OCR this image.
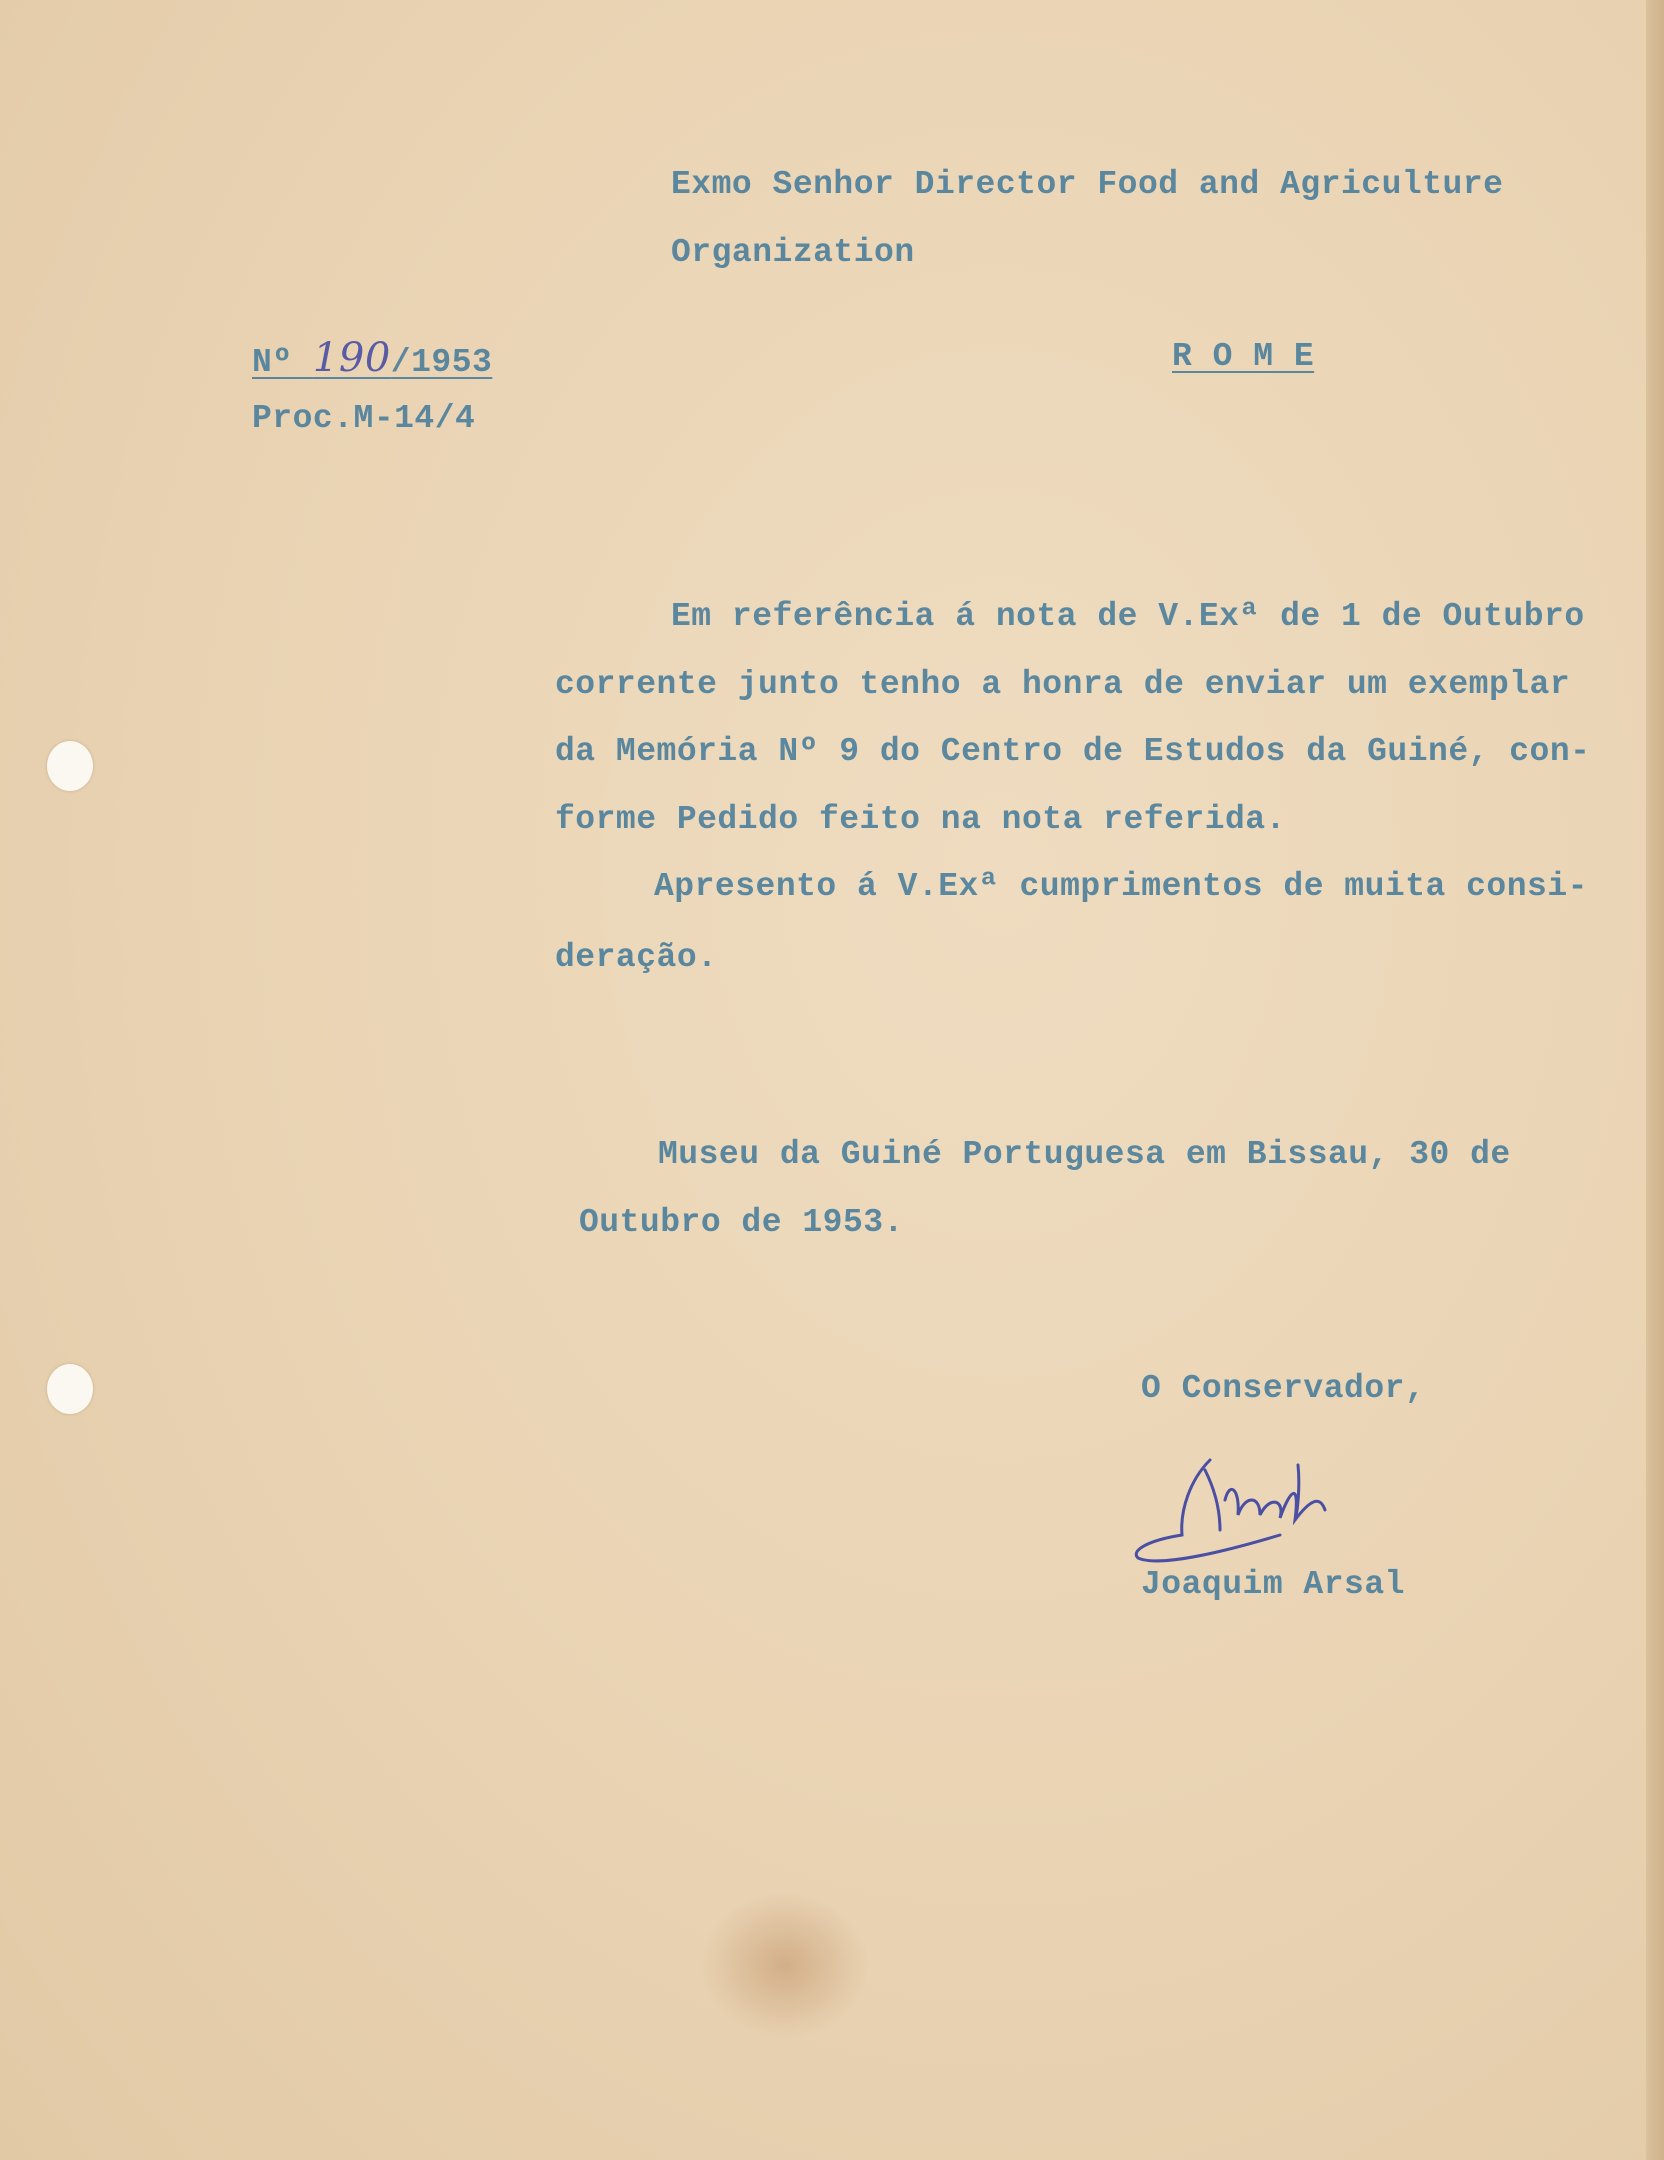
Exmo Senhor Director Food and Agriculture
Organization
Nº 190/1953	R O M E
Proc.M-14/4
Em referência á nota de V.Exª de 1 de Outubro
corrente junto tenho a honra de enviar um exemplar
da Memória Nº 9 do Centro de Estudos da Guiné, con-
forme Pedido feito na nota referida.
Apresento á V.Exª cumprimentos de muita consi-
deração.
Museu da Guiné Portuguesa em Bissau, 30 de
Outubro de 1953.
O Conservador,
Joaquim Arsal
